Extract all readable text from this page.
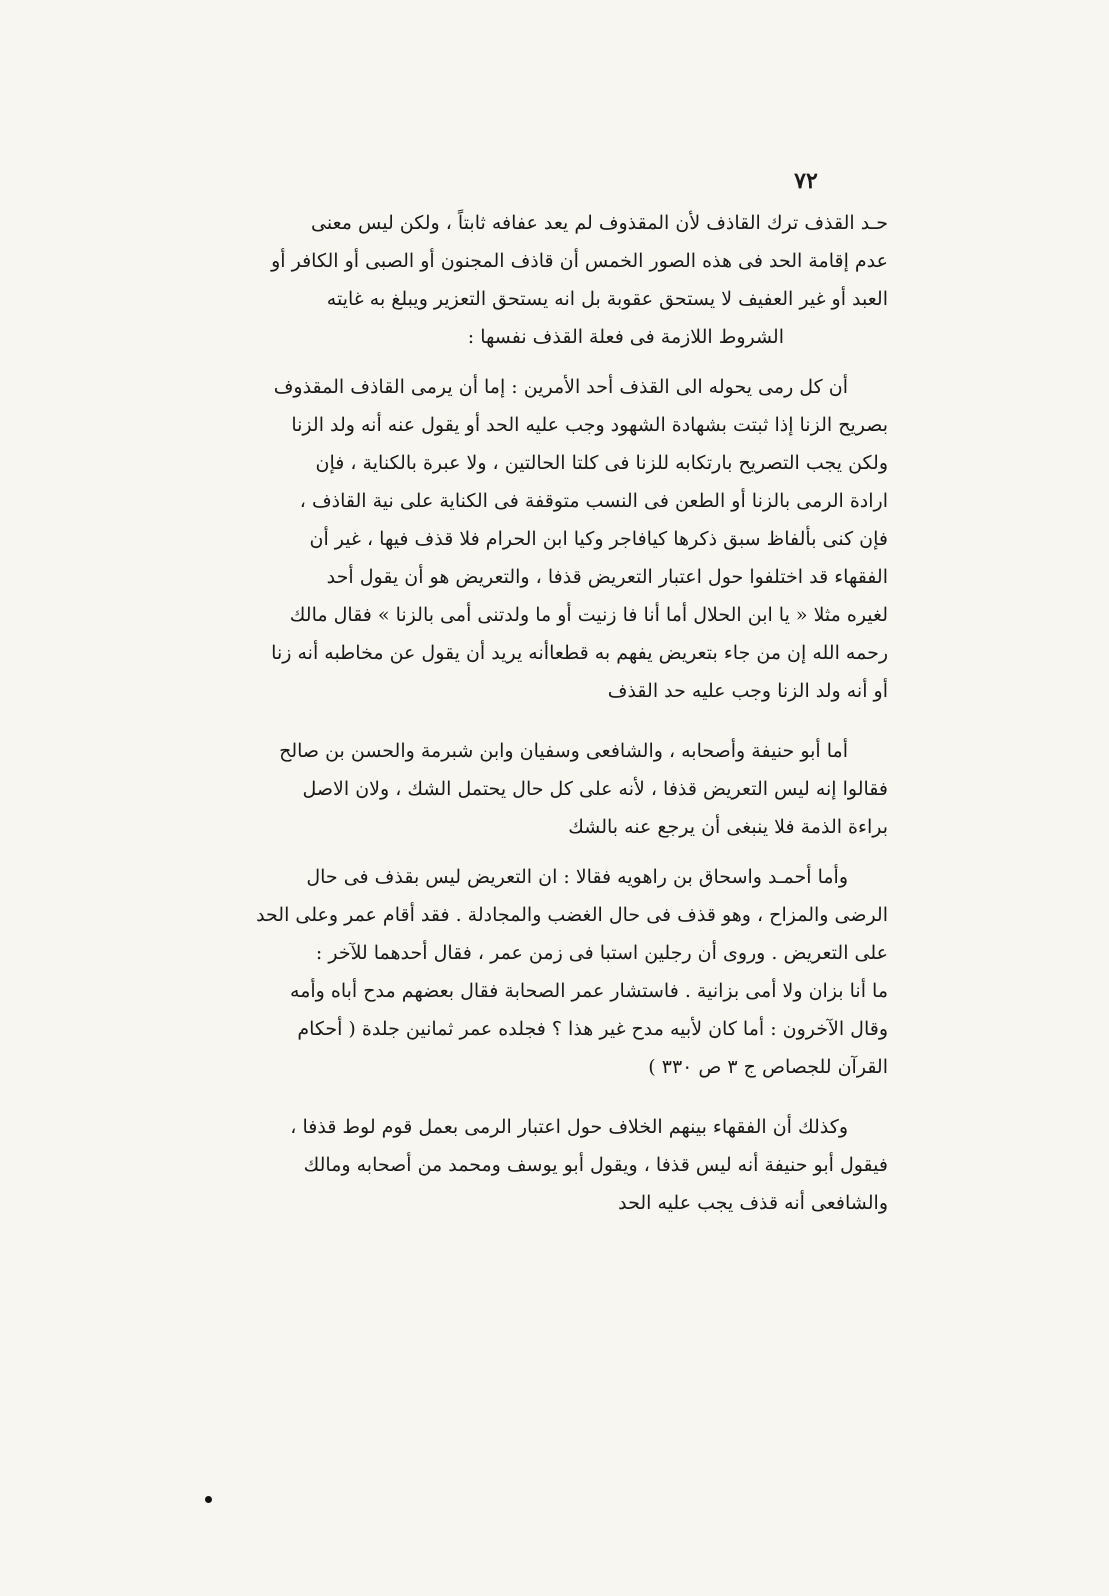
٧٢
حـد القذف ترك القاذف لأن المقذوف لم يعد عفافه ثابتاً ، ولكن ليس معنى
عدم إقامة الحد فى هذه الصور الخمس أن قاذف المجنون أو الصبى أو الكافر أو
العبد أو غير العفيف لا يستحق عقوبة بل انه يستحق التعزير ويبلغ به غايته
الشروط اللازمة فى فعلة القذف نفسها :
أن كل رمى يحوله الى القذف أحد الأمرين : إما أن يرمى القاذف المقذوف
بصريح الزنا إذا ثبتت بشهادة الشهود وجب عليه الحد أو يقول عنه أنه ولد الزنا
ولكن يجب التصريح بارتكابه للزنا فى كلتا الحالتين ، ولا عبرة بالكناية ، فإن
ارادة الرمى بالزنا أو الطعن فى النسب متوقفة فى الكناية على نية القاذف ،
فإن كنى بألفاظ سبق ذكرها كيافاجر وكيا ابن الحرام فلا قذف فيها ، غير أن
الفقهاء قد اختلفوا حول اعتبار التعريض قذفا ، والتعريض هو أن يقول أحد
لغيره مثلا « يا ابن الحلال أما أنا فا زنيت أو ما ولدتنى أمى بالزنا » فقال مالك
رحمه الله إن من جاء بتعريض يفهم به قطعاأنه يريد أن يقول عن مخاطبه أنه زنا
أو أنه ولد الزنا وجب عليه حد القذف
أما أبو حنيفة وأصحابه ، والشافعى وسفيان وابن شبرمة والحسن بن صالح
فقالوا إنه ليس التعريض قذفا ، لأنه على كل حال يحتمل الشك ، ولان الاصل
براءة الذمة فلا ينبغى أن يرجع عنه بالشك
وأما أحمـد واسحاق بن راهويه فقالا : ان التعريض ليس بقذف فى حال
الرضى والمزاح ، وهو قذف فى حال الغضب والمجادلة . فقد أقام عمر وعلى الحد
على التعريض . وروى أن رجلين استبا فى زمن عمر ، فقال أحدهما للآخر :
ما أنا بزان ولا أمى بزانية . فاستشار عمر الصحابة فقال بعضهم مدح أباه وأمه
وقال الآخرون : أما كان لأبيه مدح غير هذا ؟ فجلده عمر ثمانين جلدة ( أحكام
القرآن للجصاص ج ٣ ص ٣٣٠ )
وكذلك أن الفقهاء بينهم الخلاف حول اعتبار الرمى بعمل قوم لوط قذفا ،
فيقول أبو حنيفة أنه ليس قذفا ، ويقول أبو يوسف ومحمد من أصحابه ومالك
والشافعى أنه قذف يجب عليه الحد
